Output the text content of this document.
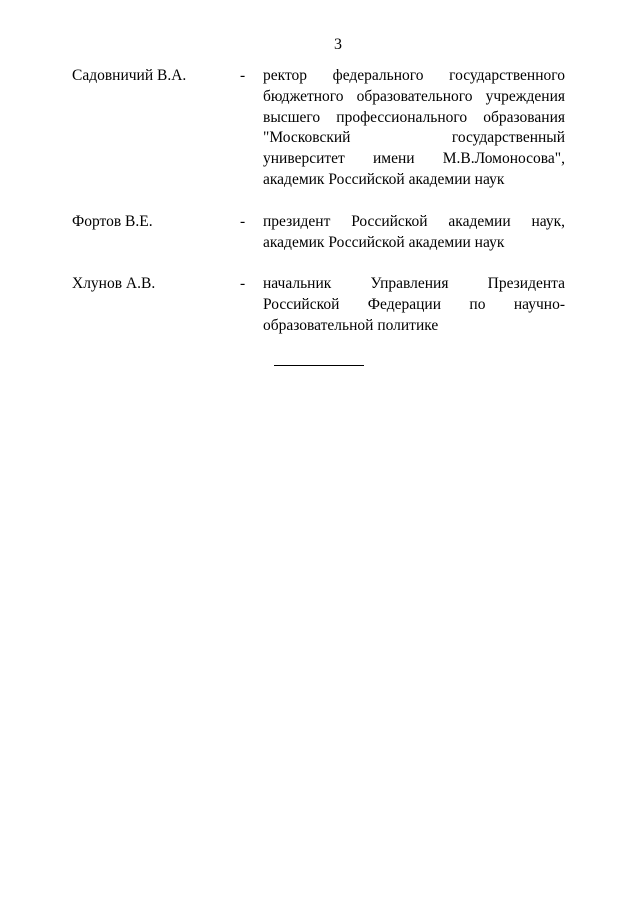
3
Садовничий В.А.	-	ректор федерального государственного
бюджетного образовательного учреждения
высшего профессионального образования
"Московский государственный
университет имени М.В.Ломоносова",
академик Российской академии наук
Фортов В.Е.	-	президент Российской академии наук,
академик Российской академии наук
Хлунов А.В.	-	начальник Управления Президента
Российской Федерации по научно-
образовательной политике
